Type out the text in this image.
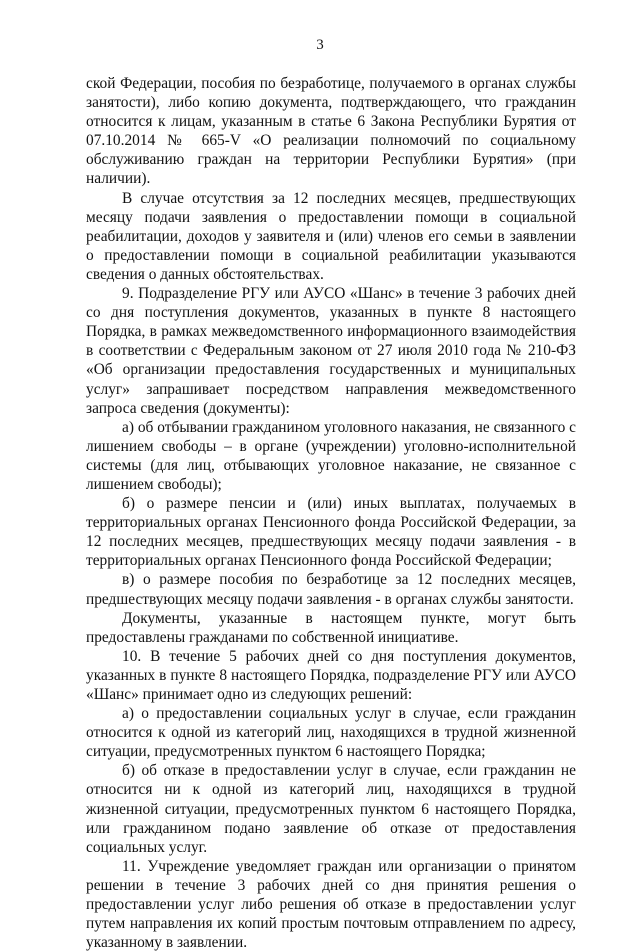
3

ской Федерации, пособия по безработице, получаемого в органах службы занятости), либо копию документа, подтверждающего, что гражданин относится к лицам, указанным в статье 6 Закона Республики Бурятия от 07.10.2014 № 665-V «О реализации полномочий по социальному обслуживанию граждан на территории Республики Бурятия» (при наличии).

В случае отсутствия за 12 последних месяцев, предшествующих месяцу подачи заявления о предоставлении помощи в социальной реабилитации, доходов у заявителя и (или) членов его семьи в заявлении о предоставлении помощи в социальной реабилитации указываются сведения о данных обстоятельствах.

9. Подразделение РГУ или АУСО «Шанс» в течение 3 рабочих дней со дня поступления документов, указанных в пункте 8 настоящего Порядка, в рамках межведомственного информационного взаимодействия в соответствии с Федеральным законом от 27 июля 2010 года № 210-ФЗ «Об организации предоставления государственных и муниципальных услуг» запрашивает посредством направления межведомственного запроса сведения (документы):

а) об отбывании гражданином уголовного наказания, не связанного с лишением свободы – в органе (учреждении) уголовно-исполнительной системы (для лиц, отбывающих уголовное наказание, не связанное с лишением свободы);

б) о размере пенсии и (или) иных выплатах, получаемых в территориальных органах Пенсионного фонда Российской Федерации, за 12 последних месяцев, предшествующих месяцу подачи заявления - в территориальных органах Пенсионного фонда Российской Федерации;

в) о размере пособия по безработице за 12 последних месяцев, предшествующих месяцу подачи заявления - в органах службы занятости.

Документы, указанные в настоящем пункте, могут быть предоставлены гражданами по собственной инициативе.

10. В течение 5 рабочих дней со дня поступления документов, указанных в пункте 8 настоящего Порядка, подразделение РГУ или АУСО «Шанс» принимает одно из следующих решений:

а) о предоставлении социальных услуг в случае, если гражданин относится к одной из категорий лиц, находящихся в трудной жизненной ситуации, предусмотренных пунктом 6 настоящего Порядка;

б) об отказе в предоставлении услуг в случае, если гражданин не относится ни к одной из категорий лиц, находящихся в трудной жизненной ситуации, предусмотренных пунктом 6 настоящего Порядка, или гражданином подано заявление об отказе от предоставления социальных услуг.

11. Учреждение уведомляет граждан или организации о принятом решении в течение 3 рабочих дней со дня принятия решения о предоставлении услуг либо решения об отказе в предоставлении услуг путем направления их копий простым почтовым отправлением по адресу, указанному в заявлении.
